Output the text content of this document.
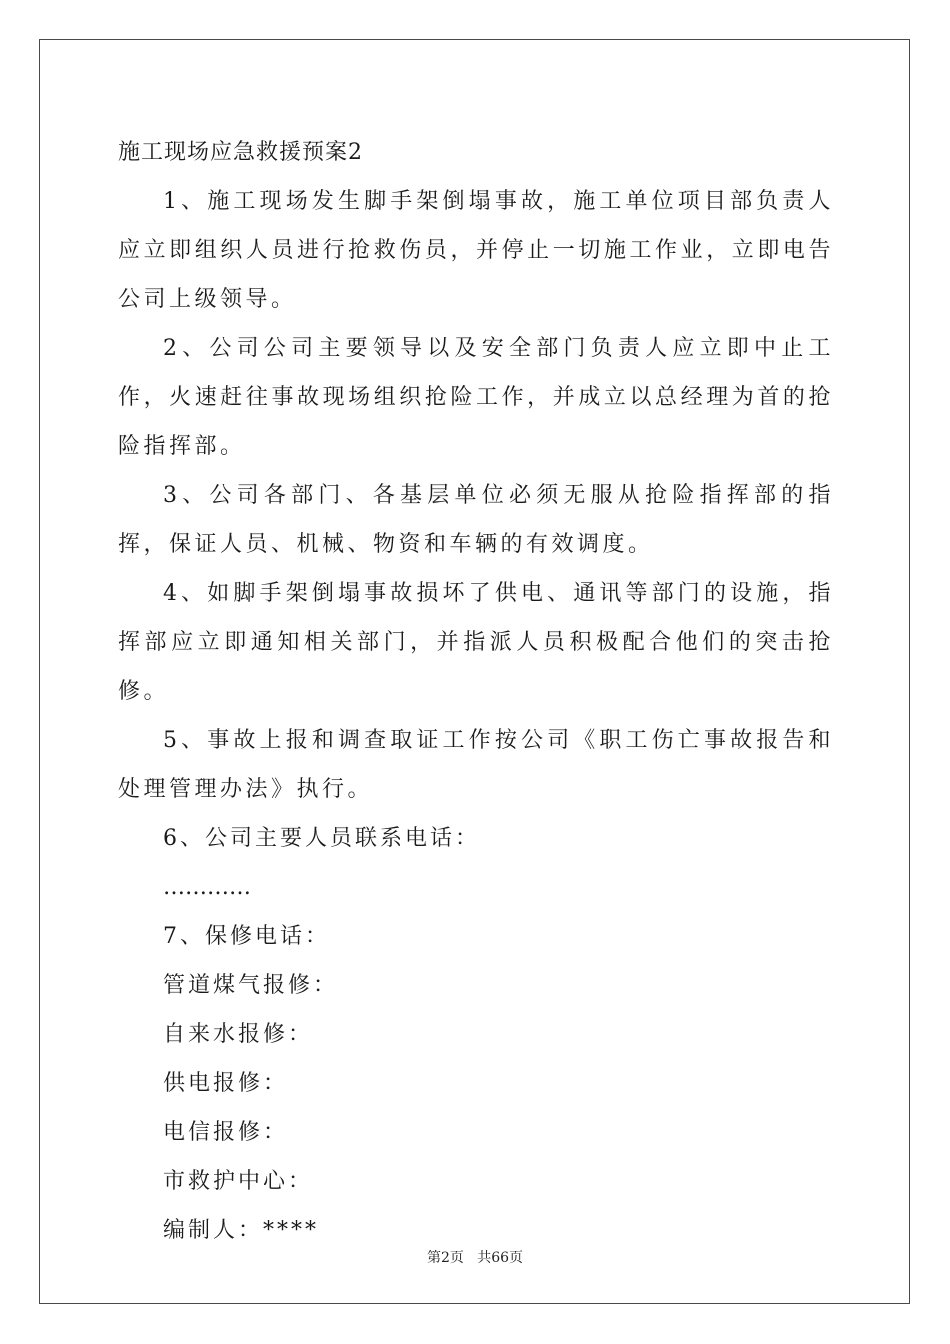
施工现场应急救援预案2
1、施工现场发生脚手架倒塌事故，施工单位项目部负责人应立即组织人员进行抢救伤员，并停止一切施工作业，立即电告公司上级领导。
2、公司公司主要领导以及安全部门负责人应立即中止工作，火速赶往事故现场组织抢险工作，并成立以总经理为首的抢险指挥部。
3、公司各部门、各基层单位必须无服从抢险指挥部的指挥，保证人员、机械、物资和车辆的有效调度。
4、如脚手架倒塌事故损坏了供电、通讯等部门的设施，指挥部应立即通知相关部门，并指派人员积极配合他们的突击抢修。
5、事故上报和调查取证工作按公司《职工伤亡事故报告和处理管理办法》执行。
6、公司主要人员联系电话：
…………
7、保修电话：
管道煤气报修：
自来水报修：
供电报修：
电信报修：
市救护中心：
编制人：****
第2页   共66页
